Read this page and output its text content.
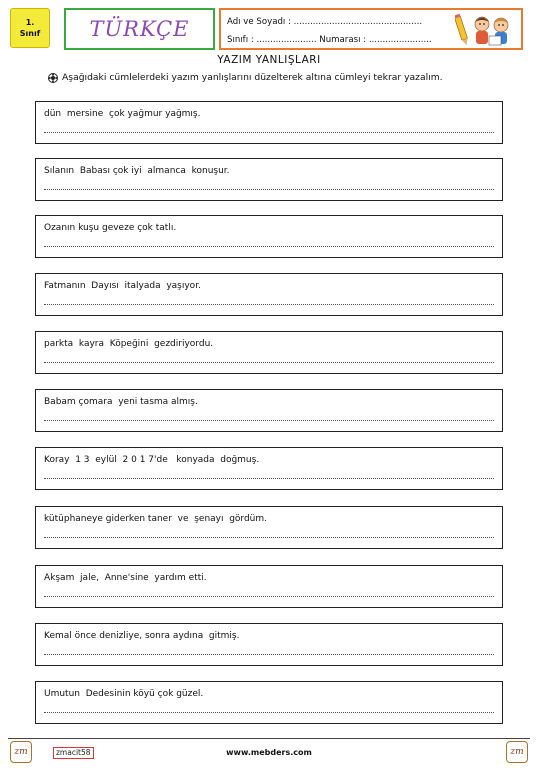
1.
Sınıf TÜRKÇE	Adı ve Soyadı : ...............................................
Sınıfı : ...................... Numarası : .......................
YAZIM YANLIŞLARI
Aşağıdaki cümlelerdeki yazım yanlışlarını düzelterek altına cümleyi tekrar yazalım.
dün  mersine  çok yağmur yağmış.
Sılanın  Babası çok iyi  almanca  konuşur.
Ozanın kuşu geveze çok tatlı.
Fatmanın  Dayısı  italyada  yaşıyor.
parkta  kayra  Köpeğini  gezdiriyordu.
Babam çomara  yeni tasma almış.
Koray  1 3  eylül  2 0 1 7'de   konyada  doğmuş.
kütüphaneye giderken taner  ve  şenayı  gördüm.
Akşam  jale,  Anne'sine  yardım etti.
Kemal önce denizliye, sonra aydına  gitmiş.
Umutun  Dedesinin köyü çok güzel.
zm	zmacit58	www.mebders.com	zm
